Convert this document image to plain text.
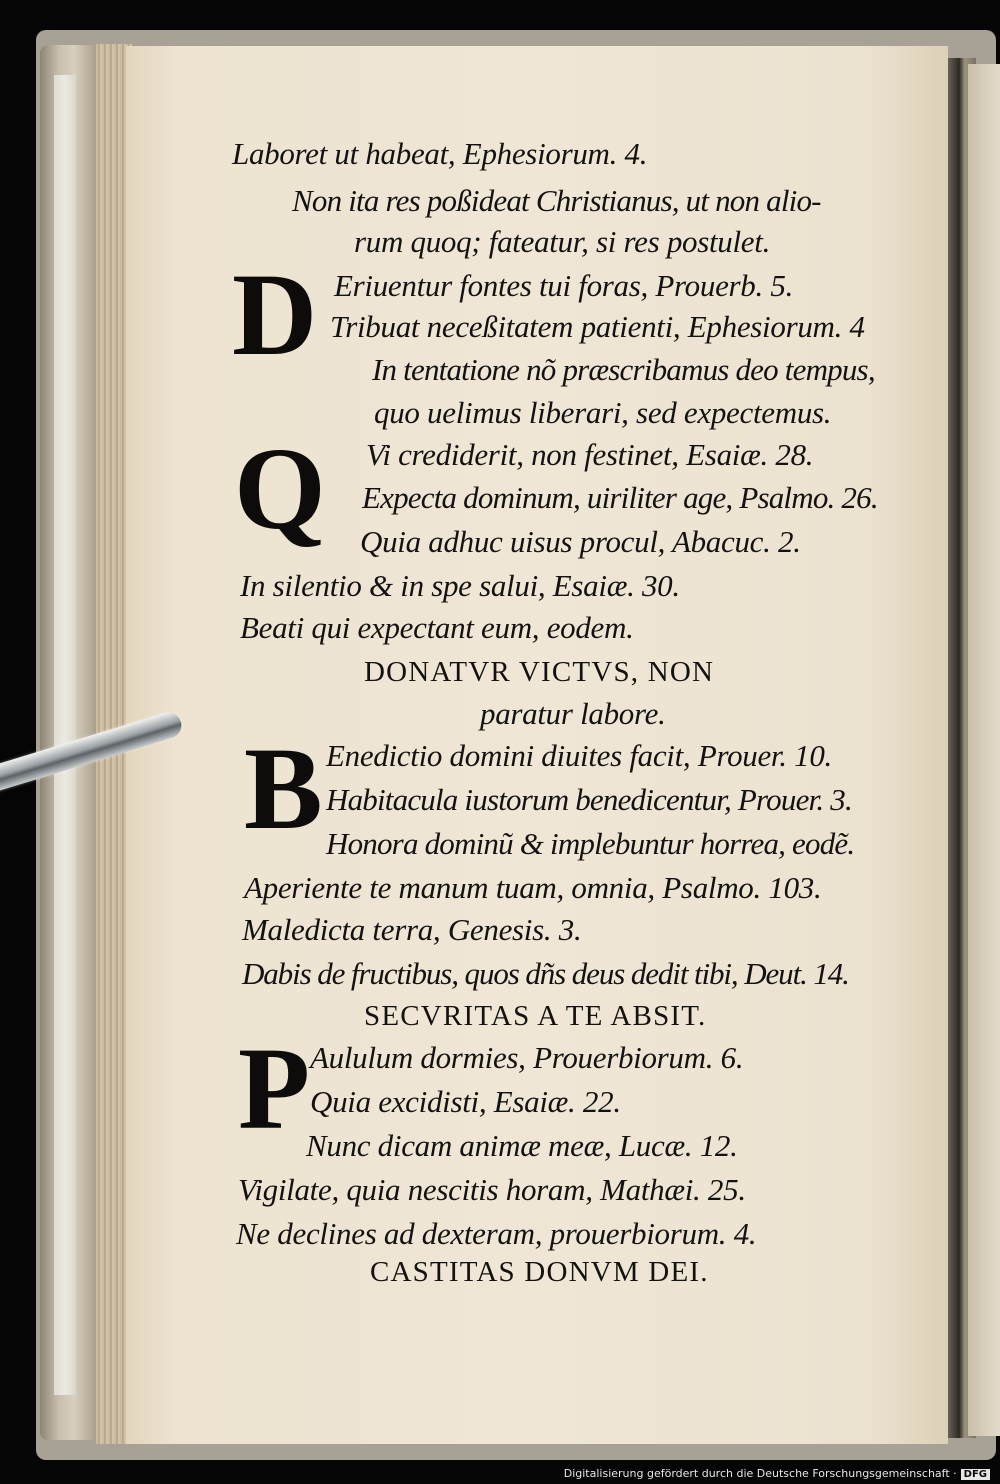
Laboret ut habeat, Ephesiorum. 4.
Non ita res poßideat Christianus, ut non alio-
rum quoq; fateatur, si res postulet.
D Eriuentur fontes tui foras, Prouerb. 5.
Tribuat neceßitatem patienti, Ephesiorum. 4
In tentatione nõ præscribamus deo tempus,
quo uelimus liberari, sed expectemus.
Q Vi crediderit, non festinet, Esaiæ. 28.
Expecta dominum, uiriliter age, Psalmo. 26.
Quia adhuc uisus procul, Abacuc. 2.
In silentio & in spe salui, Esaiæ. 30.
Beati qui expectant eum, eodem.
DONATVR VICTVS, NON
paratur labore.
B Enedictio domini diuites facit, Prouer. 10.
Habitacula iustorum benedicentur, Prouer. 3.
Honora dominũ & implebuntur horrea, eodẽ.
Aperiente te manum tuam, omnia, Psalmo. 103.
Maledicta terra, Genesis. 3.
Dabis de fructibus, quos dñs deus dedit tibi, Deut. 14.
SECVRITAS A TE ABSIT.
P Aululum dormies, Prouerbiorum. 6.
Quia excidisti, Esaiæ. 22.
Nunc dicam animæ meæ, Lucæ. 12.
Vigilate, quia nescitis horam, Mathæi. 25.
Ne declines ad dexteram, prouerbiorum. 4.
CASTITAS DONVM DEI.
Digitalisierung gefördert durch die Deutsche Forschungsgemeinschaft · DFG
